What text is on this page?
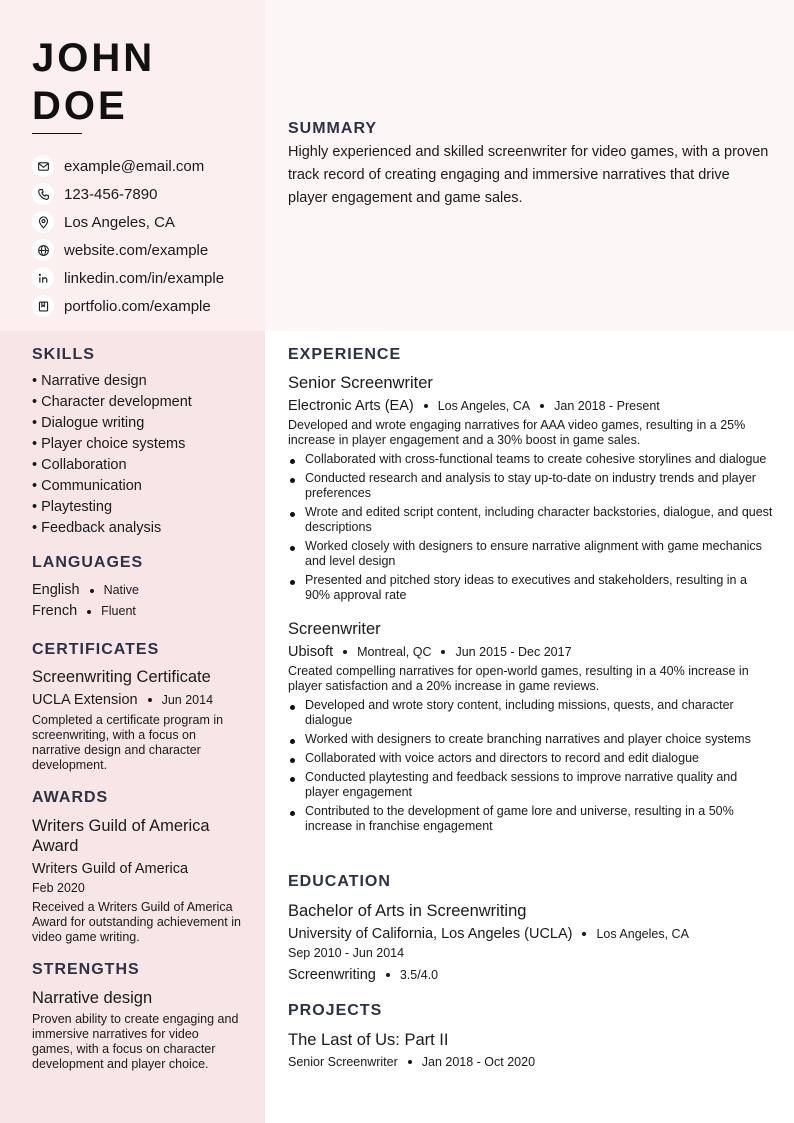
JOHN
DOE
example@email.com
123-456-7890
Los Angeles, CA
website.com/example
linkedin.com/in/example
portfolio.com/example
SUMMARY

Highly experienced and skilled screenwriter for video games, with a proven track record of creating engaging and immersive narratives that drive player engagement and game sales.

SKILLS
• Narrative design
• Character development
• Dialogue writing
• Player choice systems
• Collaboration
• Communication
• Playtesting
• Feedback analysis
LANGUAGES
English Native
French Fluent
CERTIFICATES
Screenwriting Certificate
UCLA Extension Jun 2014
Completed a certificate program in screenwriting, with a focus on narrative design and character development.
AWARDS
Writers Guild of America Award
Writers Guild of America
Feb 2020
Received a Writers Guild of America Award for outstanding achievement in video game writing.
STRENGTHS
Narrative design
Proven ability to create engaging and immersive narratives for video games, with a focus on character development and player choice.
EXPERIENCE
Senior Screenwriter
Electronic Arts (EA) Los Angeles, CA Jan 2018 - Present
Developed and wrote engaging narratives for AAA video games, resulting in a 25% increase in player engagement and a 30% boost in game sales.
Collaborated with cross-functional teams to create cohesive storylines and dialogue
Conducted research and analysis to stay up-to-date on industry trends and player preferences
Wrote and edited script content, including character backstories, dialogue, and quest descriptions
Worked closely with designers to ensure narrative alignment with game mechanics and level design
Presented and pitched story ideas to executives and stakeholders, resulting in a 90% approval rate
Screenwriter
Ubisoft Montreal, QC Jun 2015 - Dec 2017
Created compelling narratives for open-world games, resulting in a 40% increase in player satisfaction and a 20% increase in game reviews.
Developed and wrote story content, including missions, quests, and character dialogue
Worked with designers to create branching narratives and player choice systems
Collaborated with voice actors and directors to record and edit dialogue
Conducted playtesting and feedback sessions to improve narrative quality and player engagement
Contributed to the development of game lore and universe, resulting in a 50% increase in franchise engagement
EDUCATION
Bachelor of Arts in Screenwriting
University of California, Los Angeles (UCLA) Los Angeles, CA
Sep 2010 - Jun 2014
Screenwriting 3.5/4.0
PROJECTS
The Last of Us: Part II
Senior Screenwriter Jan 2018 - Oct 2020
